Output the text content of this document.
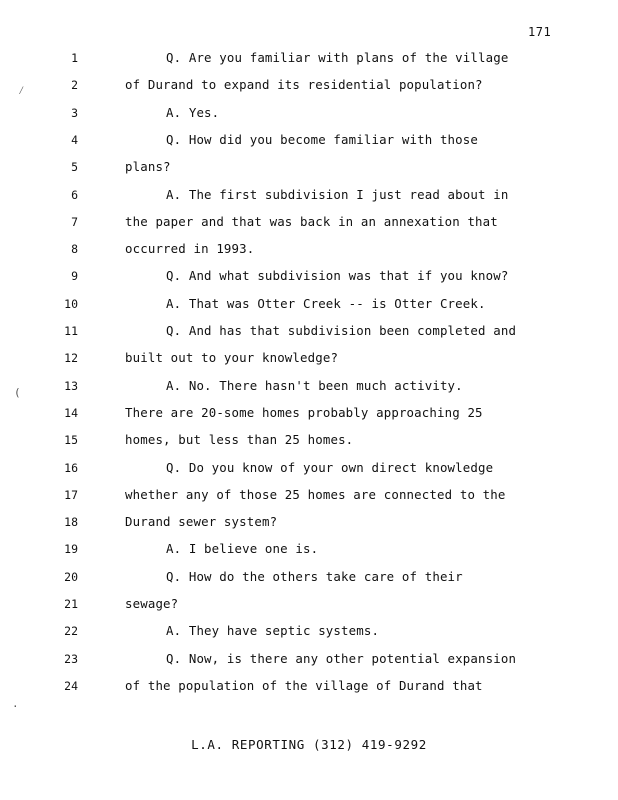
171
1	Q. Are you familiar with plans of the village
2	of Durand to expand its residential population?
3	A. Yes.
4	Q. How did you become familiar with those
5	plans?
6	A. The first subdivision I just read about in
7	the paper and that was back in an annexation that
8	occurred in 1993.
9	Q. And what subdivision was that if you know?
10	A. That was Otter Creek -- is Otter Creek.
11	Q. And has that subdivision been completed and
12	built out to your knowledge?
13	A. No. There hasn't been much activity.
14	There are 20-some homes probably approaching 25
15	homes, but less than 25 homes.
16	Q. Do you know of your own direct knowledge
17	whether any of those 25 homes are connected to the
18	Durand sewer system?
19	A. I believe one is.
20	Q. How do the others take care of their
21	sewage?
22	A. They have septic systems.
23	Q. Now, is there any other potential expansion
24	of the population of the village of Durand that
L.A. REPORTING (312) 419-9292
⁄
(
·
